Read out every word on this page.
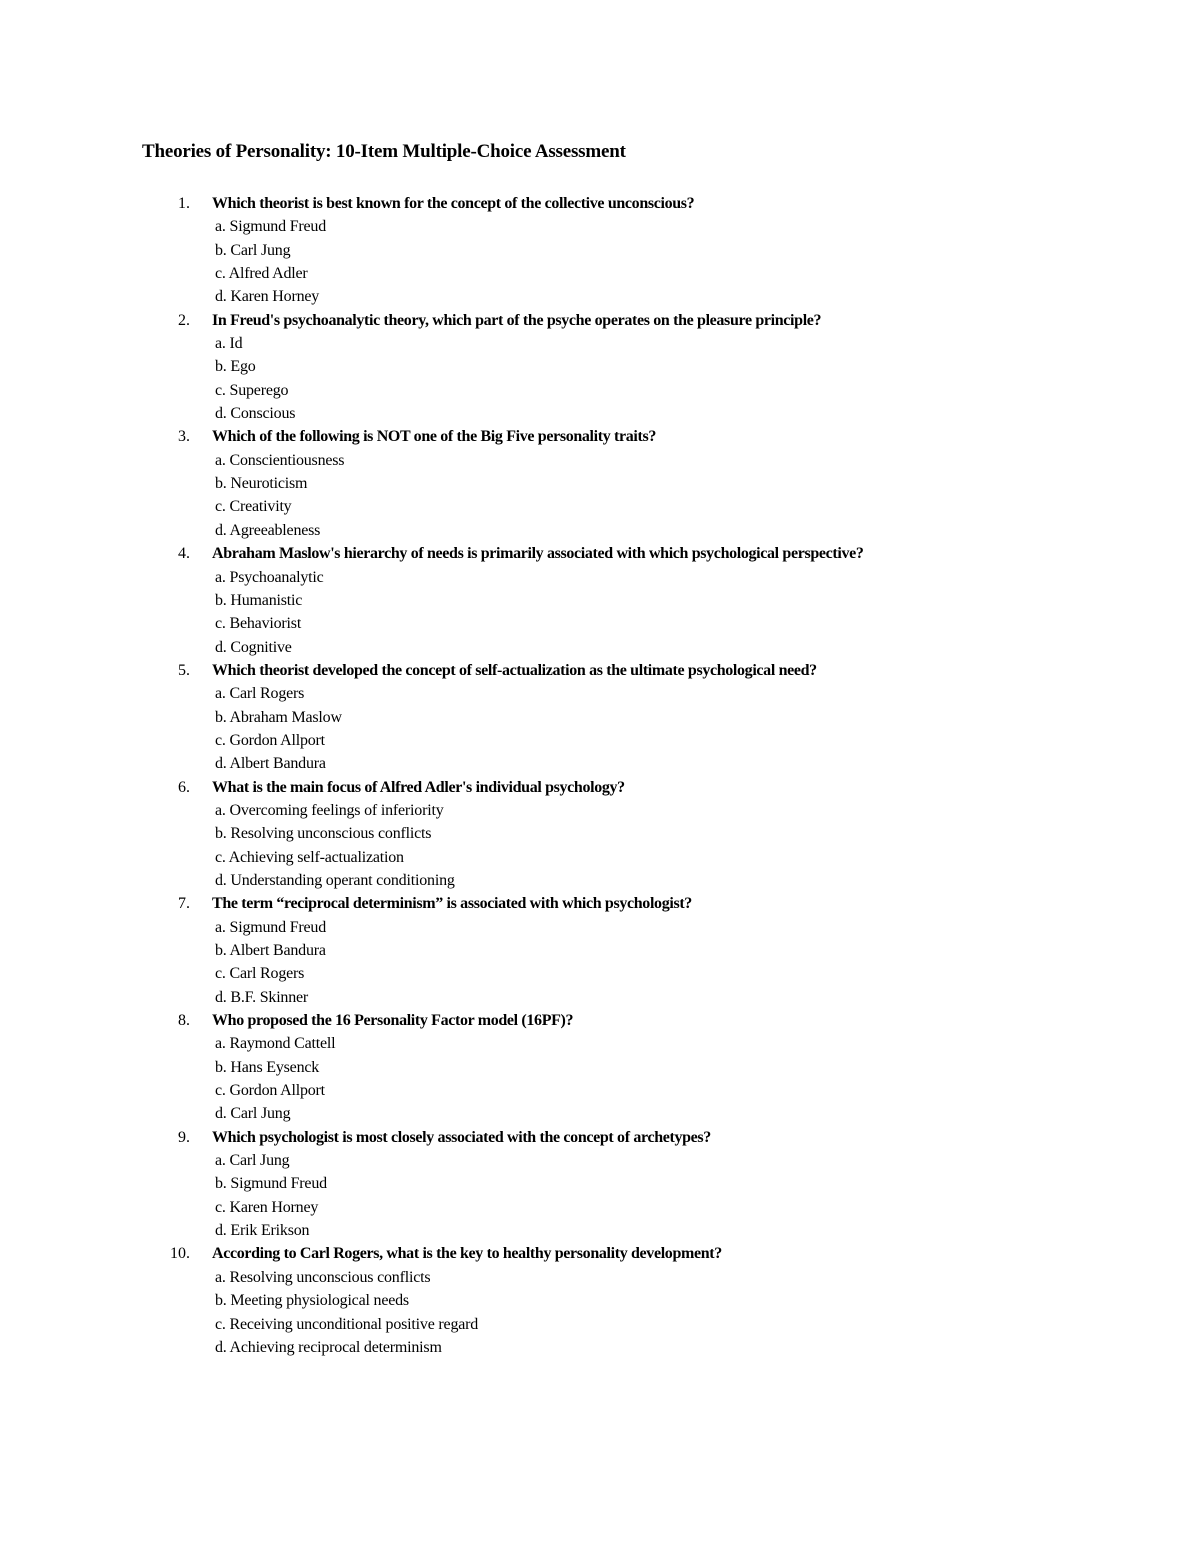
Theories of Personality: 10-Item Multiple-Choice Assessment
1. Which theorist is best known for the concept of the collective unconscious?
a. Sigmund Freud
b. Carl Jung
c. Alfred Adler
d. Karen Horney
2. In Freud's psychoanalytic theory, which part of the psyche operates on the pleasure principle?
a. Id
b. Ego
c. Superego
d. Conscious
3. Which of the following is NOT one of the Big Five personality traits?
a. Conscientiousness
b. Neuroticism
c. Creativity
d. Agreeableness
4. Abraham Maslow's hierarchy of needs is primarily associated with which psychological perspective?
a. Psychoanalytic
b. Humanistic
c. Behaviorist
d. Cognitive
5. Which theorist developed the concept of self-actualization as the ultimate psychological need?
a. Carl Rogers
b. Abraham Maslow
c. Gordon Allport
d. Albert Bandura
6. What is the main focus of Alfred Adler's individual psychology?
a. Overcoming feelings of inferiority
b. Resolving unconscious conflicts
c. Achieving self-actualization
d. Understanding operant conditioning
7. The term “reciprocal determinism” is associated with which psychologist?
a. Sigmund Freud
b. Albert Bandura
c. Carl Rogers
d. B.F. Skinner
8. Who proposed the 16 Personality Factor model (16PF)?
a. Raymond Cattell
b. Hans Eysenck
c. Gordon Allport
d. Carl Jung
9. Which psychologist is most closely associated with the concept of archetypes?
a. Carl Jung
b. Sigmund Freud
c. Karen Horney
d. Erik Erikson
10. According to Carl Rogers, what is the key to healthy personality development?
a. Resolving unconscious conflicts
b. Meeting physiological needs
c. Receiving unconditional positive regard
d. Achieving reciprocal determinism
